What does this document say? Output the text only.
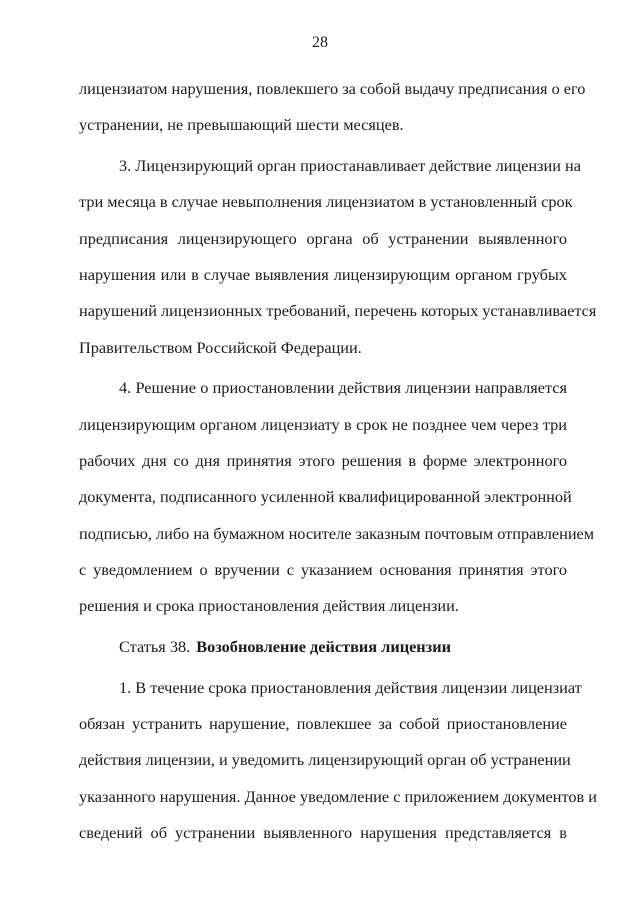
28
лицензиатом нарушения, повлекшего за собой выдачу предписания о его
устранении, не превышающий шести месяцев.
3. Лицензирующий орган приостанавливает действие лицензии на
три месяца в случае невыполнения лицензиатом в установленный срок
предписания лицензирующего органа об устранении выявленного
нарушения или в случае выявления лицензирующим органом грубых
нарушений лицензионных требований, перечень которых устанавливается
Правительством Российской Федерации.
4. Решение о приостановлении действия лицензии направляется
лицензирующим органом лицензиату в срок не позднее чем через три
рабочих дня со дня принятия этого решения в форме электронного
документа, подписанного усиленной квалифицированной электронной
подписью, либо на бумажном носителе заказным почтовым отправлением
с уведомлением о вручении с указанием основания принятия этого
решения и срока приостановления действия лицензии.
Статья 38. Возобновление действия лицензии
1. В течение срока приостановления действия лицензии лицензиат
обязан устранить нарушение, повлекшее за собой приостановление
действия лицензии, и уведомить лицензирующий орган об устранении
указанного нарушения. Данное уведомление с приложением документов и
сведений об устранении выявленного нарушения представляется в
